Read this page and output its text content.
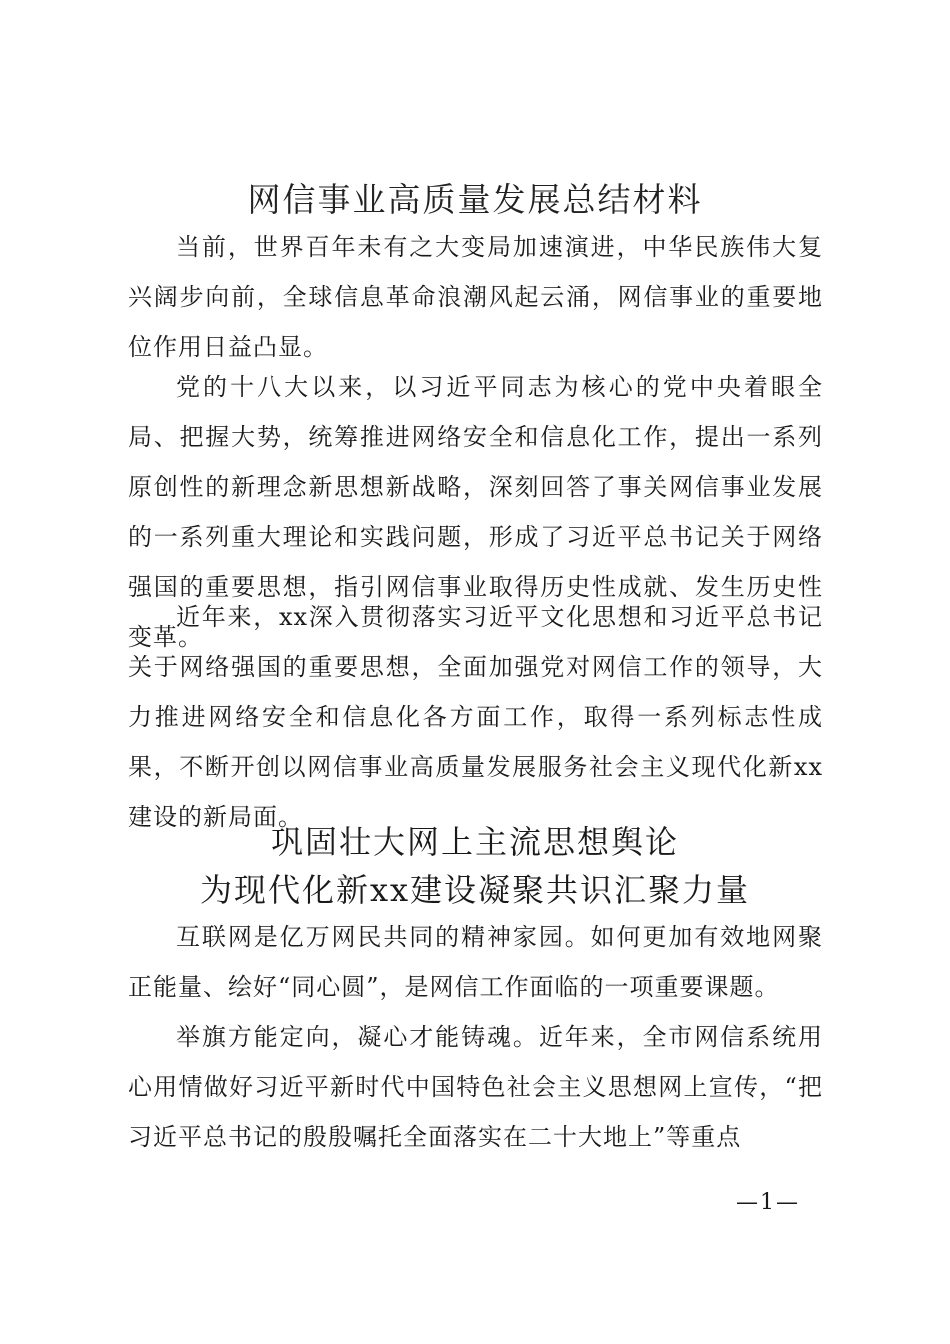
网信事业高质量发展总结材料

当前，世界百年未有之大变局加速演进，中华民族伟大复兴阔步向前，全球信息革命浪潮风起云涌，网信事业的重要地位作用日益凸显。

党的十八大以来，以习近平同志为核心的党中央着眼全局、把握大势，统筹推进网络安全和信息化工作，提出一系列原创性的新理念新思想新战略，深刻回答了事关网信事业发展的一系列重大理论和实践问题，形成了习近平总书记关于网络强国的重要思想，指引网信事业取得历史性成就、发生历史性变革。

近年来，xx深入贯彻落实习近平文化思想和习近平总书记关于网络强国的重要思想，全面加强党对网信工作的领导，大力推进网络安全和信息化各方面工作，取得一系列标志性成果，不断开创以网信事业高质量发展服务社会主义现代化新xx建设的新局面。

巩固壮大网上主流思想舆论
为现代化新xx建设凝聚共识汇聚力量

互联网是亿万网民共同的精神家园。如何更加有效地网聚正能量、绘好“同心圆”，是网信工作面临的一项重要课题。

举旗方能定向，凝心才能铸魂。近年来，全市网信系统用心用情做好习近平新时代中国特色社会主义思想网上宣传，“把习近平总书记的殷殷嘱托全面落实在二十大地上”等重点

—1—
